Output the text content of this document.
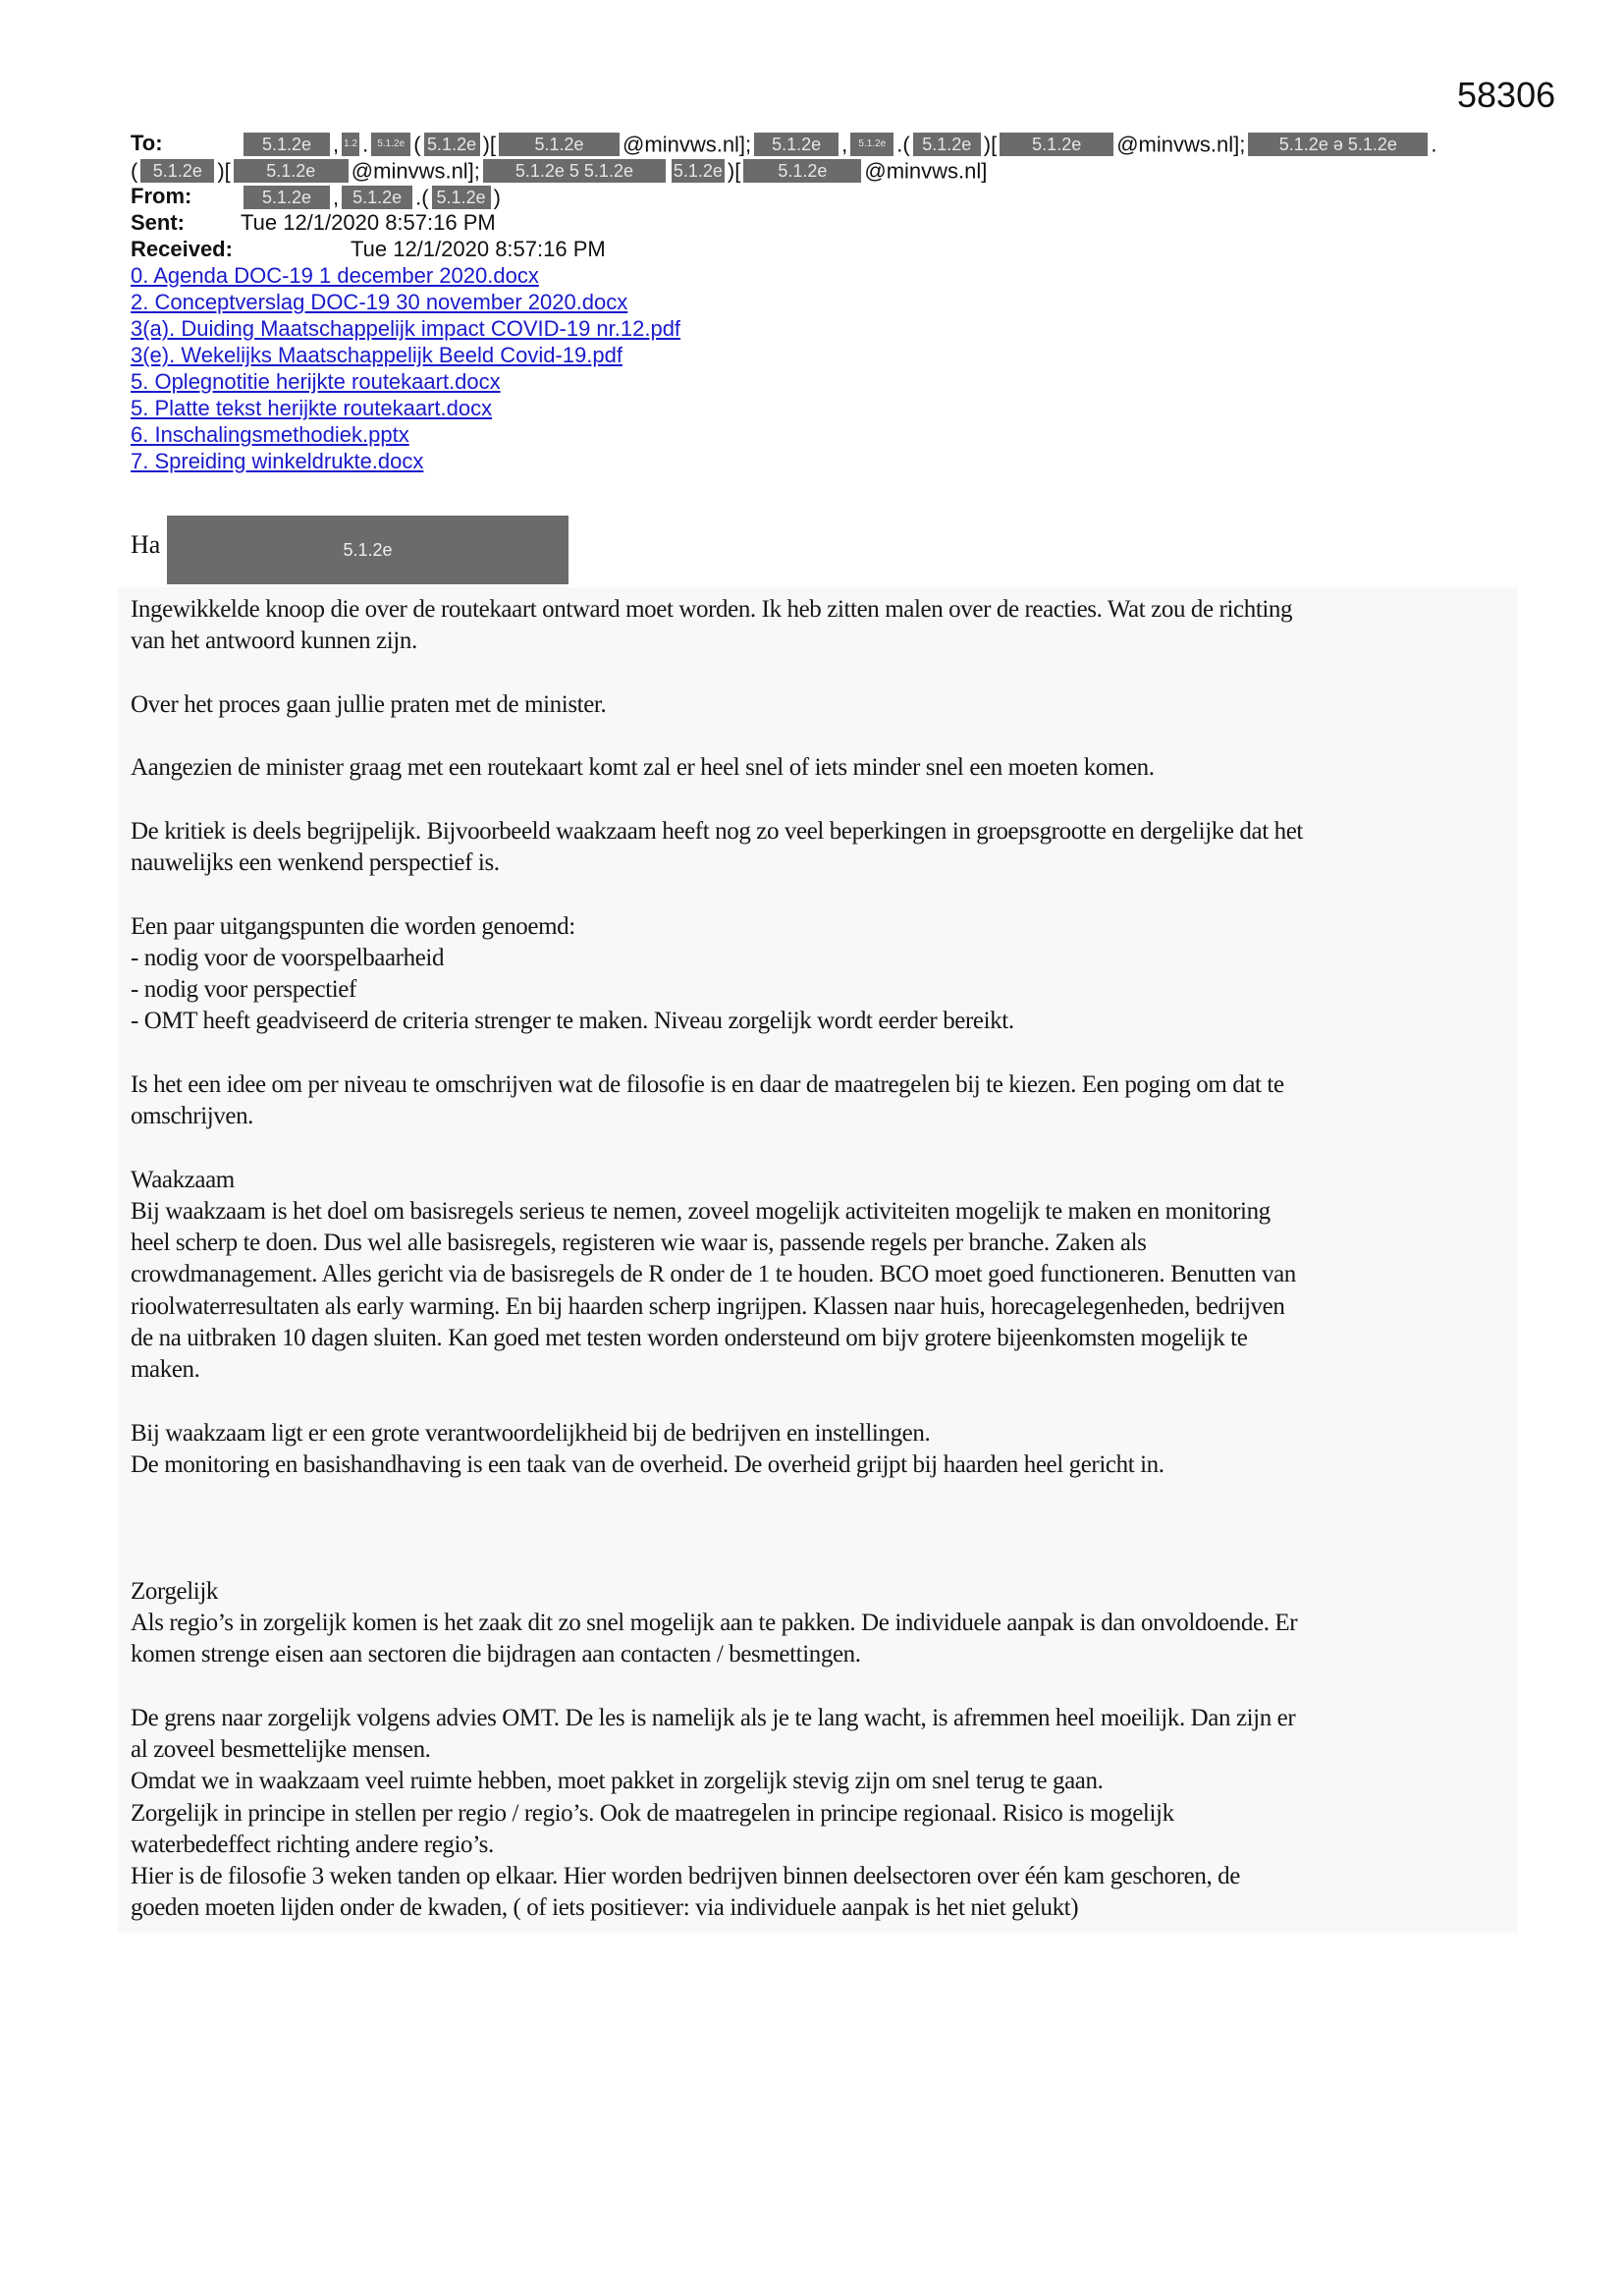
58306
To:	5.1.2e , 1.2 . 5.1.2e ( 5.1.2e )[ 5.1.2e @minvws.nl]; 5.1.2e , 5.1.2e .( 5.1.2e )[ 5.1.2e @minvws.nl]; 5.1.2e ə 5.1.2e .
( 5.1.2e )[ 5.1.2e @minvws.nl]; 5.1.2e 5 5.1.2e 5.1.2e )[ 5.1.2e @minvws.nl]
From:	5.1.2e , 5.1.2e .( 5.1.2e )
Sent:	Tue 12/1/2020 8:57:16 PM
Received:	Tue 12/1/2020 8:57:16 PM
0. Agenda DOC-19 1 december 2020.docx
2. Conceptverslag DOC-19 30 november 2020.docx
3(a). Duiding Maatschappelijk impact COVID-19 nr.12.pdf
3(e). Wekelijks Maatschappelijk Beeld Covid-19.pdf
5. Oplegnotitie herijkte routekaart.docx
5. Platte tekst herijkte routekaart.docx
6. Inschalingsmethodiek.pptx
7. Spreiding winkeldrukte.docx
Ha	5.1.2e
Ingewikkelde knoop die over de routekaart ontward moet worden. Ik heb zitten malen over de reacties. Wat zou de richting
van het antwoord kunnen zijn.
Over het proces gaan jullie praten met de minister.
Aangezien de minister graag met een routekaart komt zal er heel snel of iets minder snel een moeten komen.
De kritiek is deels begrijpelijk. Bijvoorbeeld waakzaam heeft nog zo veel beperkingen in groepsgrootte en dergelijke dat het
nauwelijks een wenkend perspectief is.
Een paar uitgangspunten die worden genoemd:
- nodig voor de voorspelbaarheid
- nodig voor perspectief
- OMT heeft geadviseerd de criteria strenger te maken. Niveau zorgelijk wordt eerder bereikt.
Is het een idee om per niveau te omschrijven wat de filosofie is en daar de maatregelen bij te kiezen. Een poging om dat te
omschrijven.
Waakzaam
Bij waakzaam is het doel om basisregels serieus te nemen, zoveel mogelijk activiteiten mogelijk te maken en monitoring
heel scherp te doen. Dus wel alle basisregels, registeren wie waar is, passende regels per branche. Zaken als
crowdmanagement. Alles gericht via de basisregels de R onder de 1 te houden. BCO moet goed functioneren. Benutten van
rioolwaterresultaten als early warming. En bij haarden scherp ingrijpen. Klassen naar huis, horecagelegenheden, bedrijven
de na uitbraken 10 dagen sluiten. Kan goed met testen worden ondersteund om bijv grotere bijeenkomsten mogelijk te
maken.
Bij waakzaam ligt er een grote verantwoordelijkheid bij de bedrijven en instellingen.
De monitoring en basishandhaving is een taak van de overheid. De overheid grijpt bij haarden heel gericht in.
Zorgelijk
Als regio’s in zorgelijk komen is het zaak dit zo snel mogelijk aan te pakken. De individuele aanpak is dan onvoldoende. Er
komen strenge eisen aan sectoren die bijdragen aan contacten / besmettingen.
De grens naar zorgelijk volgens advies OMT. De les is namelijk als je te lang wacht, is afremmen heel moeilijk. Dan zijn er
al zoveel besmettelijke mensen.
Omdat we in waakzaam veel ruimte hebben, moet pakket in zorgelijk stevig zijn om snel terug te gaan.
Zorgelijk in principe in stellen per regio / regio’s. Ook de maatregelen in principe regionaal. Risico is mogelijk
waterbedeffect richting andere regio’s.
Hier is de filosofie 3 weken tanden op elkaar. Hier worden bedrijven binnen deelsectoren over één kam geschoren, de
goeden moeten lijden onder de kwaden, ( of iets positiever: via individuele aanpak is het niet gelukt)
